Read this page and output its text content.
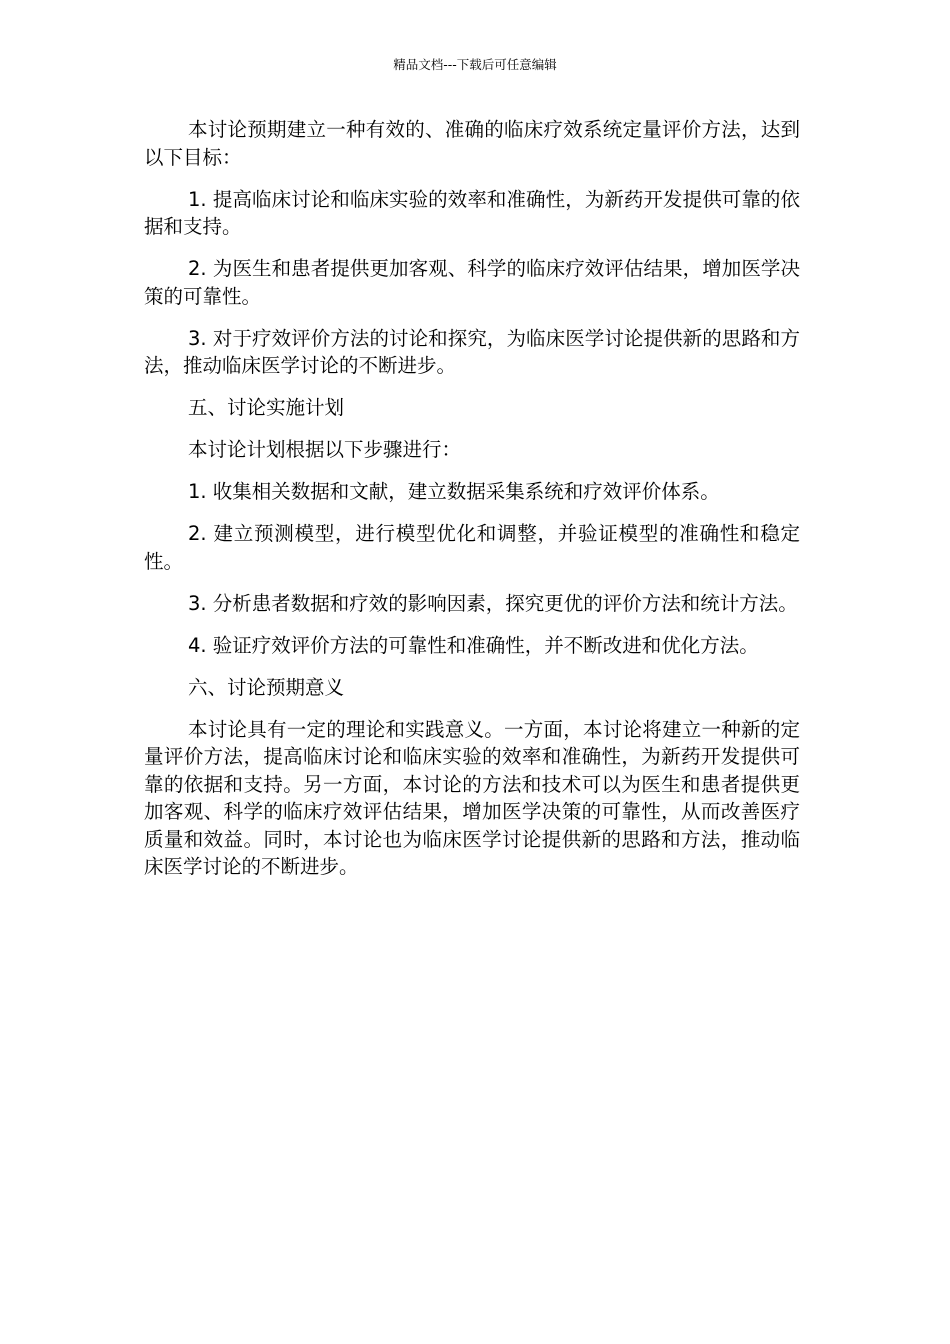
精品文档---下载后可任意编辑

本讨论预期建立一种有效的、准确的临床疗效系统定量评价方法，达到以下目标：

1. 提高临床讨论和临床实验的效率和准确性，为新药开发提供可靠的依据和支持。

2. 为医生和患者提供更加客观、科学的临床疗效评估结果，增加医学决策的可靠性。

3. 对于疗效评价方法的讨论和探究，为临床医学讨论提供新的思路和方法，推动临床医学讨论的不断进步。

五、讨论实施计划

本讨论计划根据以下步骤进行：

1. 收集相关数据和文献，建立数据采集系统和疗效评价体系。

2. 建立预测模型，进行模型优化和调整，并验证模型的准确性和稳定性。

3. 分析患者数据和疗效的影响因素，探究更优的评价方法和统计方法。

4. 验证疗效评价方法的可靠性和准确性，并不断改进和优化方法。

六、讨论预期意义

本讨论具有一定的理论和实践意义。一方面，本讨论将建立一种新的定量评价方法，提高临床讨论和临床实验的效率和准确性，为新药开发提供可靠的依据和支持。另一方面，本讨论的方法和技术可以为医生和患者提供更加客观、科学的临床疗效评估结果，增加医学决策的可靠性，从而改善医疗质量和效益。同时，本讨论也为临床医学讨论提供新的思路和方法，推动临床医学讨论的不断进步。
